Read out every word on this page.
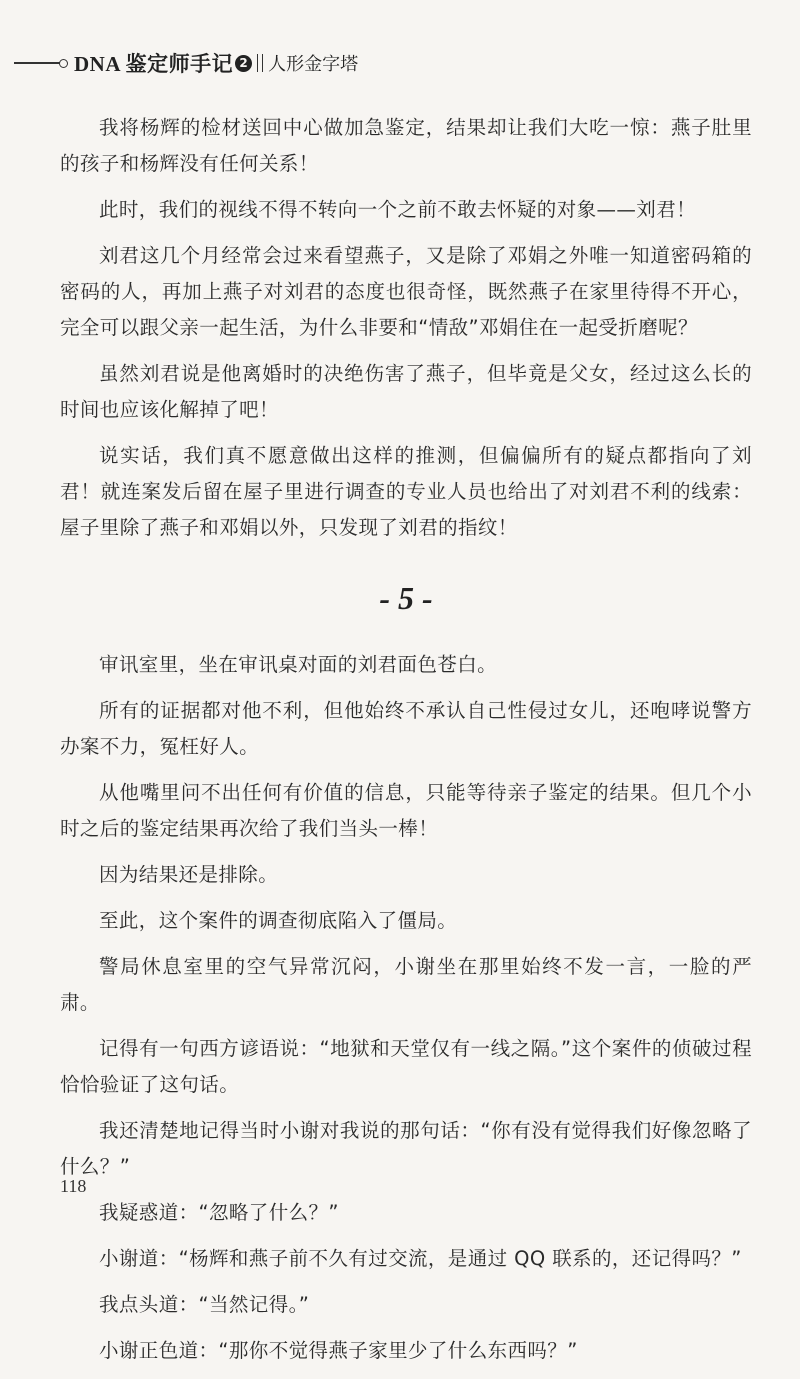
DNA 鉴定师手记 2 人形金字塔

我将杨辉的检材送回中心做加急鉴定，结果却让我们大吃一惊：燕子肚里的孩子和杨辉没有任何关系！

此时，我们的视线不得不转向一个之前不敢去怀疑的对象——刘君！

刘君这几个月经常会过来看望燕子，又是除了邓娟之外唯一知道密码箱的密码的人，再加上燕子对刘君的态度也很奇怪，既然燕子在家里待得不开心，完全可以跟父亲一起生活，为什么非要和“情敌”邓娟住在一起受折磨呢？

虽然刘君说是他离婚时的决绝伤害了燕子，但毕竟是父女，经过这么长的时间也应该化解掉了吧！

说实话，我们真不愿意做出这样的推测，但偏偏所有的疑点都指向了刘君！就连案发后留在屋子里进行调查的专业人员也给出了对刘君不利的线索：屋子里除了燕子和邓娟以外，只发现了刘君的指纹！

- 5 -

审讯室里，坐在审讯桌对面的刘君面色苍白。

所有的证据都对他不利，但他始终不承认自己性侵过女儿，还咆哮说警方办案不力，冤枉好人。

从他嘴里问不出任何有价值的信息，只能等待亲子鉴定的结果。但几个小时之后的鉴定结果再次给了我们当头一棒！

因为结果还是排除。

至此，这个案件的调查彻底陷入了僵局。

警局休息室里的空气异常沉闷，小谢坐在那里始终不发一言，一脸的严肃。

记得有一句西方谚语说：“地狱和天堂仅有一线之隔。”这个案件的侦破过程恰恰验证了这句话。

我还清楚地记得当时小谢对我说的那句话：“你有没有觉得我们好像忽略了什么？”

我疑惑道：“忽略了什么？”

小谢道：“杨辉和燕子前不久有过交流，是通过 QQ 联系的，还记得吗？”

我点头道：“当然记得。”

小谢正色道：“那你不觉得燕子家里少了什么东西吗？”

118
